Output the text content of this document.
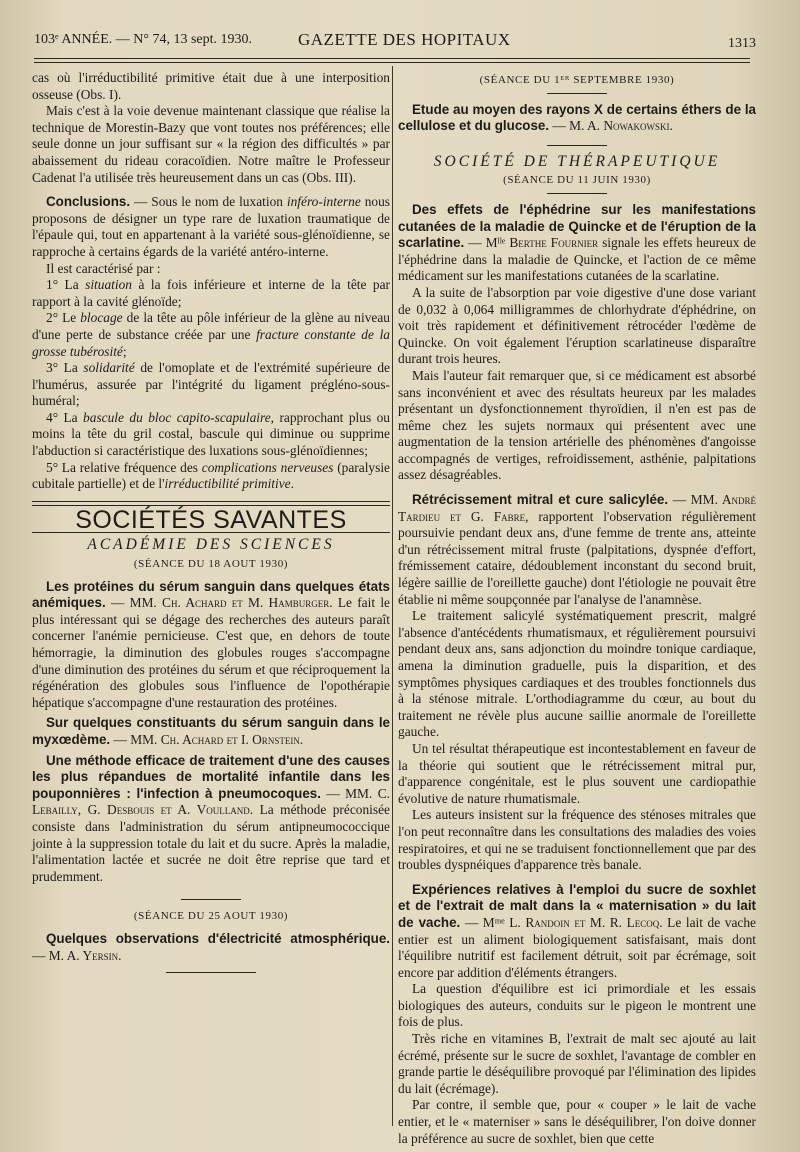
103ᵉ ANNÉE. — N° 74, 13 sept. 1930.	GAZETTE DES HOPITAUX	1313

cas où l'irréductibilité primitive était due à une interposition osseuse (Obs. I).

Mais c'est à la voie devenue maintenant classique que réalise la technique de Morestin-Bazy que vont toutes nos préférences; elle seule donne un jour suffisant sur « la région des difficultés » par abaissement du rideau coracoïdien. Notre maître le Professeur Cadenat l'a utilisée très heureusement dans un cas (Obs. III).

Conclusions. — Sous le nom de luxation inféro-interne nous proposons de désigner un type rare de luxation traumatique de l'épaule qui, tout en appartenant à la variété sous-glénoïdienne, se rapproche à certains égards de la variété antéro-interne.

Il est caractérisé par :

1° La situation à la fois inférieure et interne de la tête par rapport à la cavité glénoïde;

2° Le blocage de la tête au pôle inférieur de la glène au niveau d'une perte de substance créée par une fracture constante de la grosse tubérosité;

3° La solidarité de l'omoplate et de l'extrémité supérieure de l'humérus, assurée par l'intégrité du ligament prégléno-sous-huméral;

4° La bascule du bloc capito-scapulaire, rapprochant plus ou moins la tête du gril costal, bascule qui diminue ou supprime l'abduction si caractéristique des luxations sous-glénoïdiennes;

5° La relative fréquence des complications nerveuses (paralysie cubitale partielle) et de l'irréductibilité primitive.

SOCIÉTÉS SAVANTES

ACADÉMIE DES SCIENCES

(SÉANCE DU 18 AOUT 1930)

Les protéines du sérum sanguin dans quelques états anémiques. — MM. Ch. Achard et M. Hamburger. Le fait le plus intéressant qui se dégage des recherches des auteurs paraît concerner l'anémie pernicieuse. C'est que, en dehors de toute hémorragie, la diminution des globules rouges s'accompagne d'une diminution des protéines du sérum et que réciproquement la régénération des globules sous l'influence de l'opothérapie hépatique s'accompagne d'une restauration des protéines.

Sur quelques constituants du sérum sanguin dans le myxœdème. — MM. Ch. Achard et I. Ornstein.

Une méthode efficace de traitement d'une des causes les plus répandues de mortalité infantile dans les pouponnières : l'infection à pneumocoques. — MM. C. Lebailly, G. Desbouis et A. Voulland. La méthode préconisée consiste dans l'administration du sérum antipneumococcique jointe à la suppression totale du lait et du sucre. Après la maladie, l'alimentation lactée et sucrée ne doit être reprise que tard et prudemment.

(SÉANCE DU 25 AOUT 1930)

Quelques observations d'électricité atmosphérique. — M. A. Yersin.

(SÉANCE DU 1ᴱᴿ SEPTEMBRE 1930)

Etude au moyen des rayons X de certains éthers de la cellulose et du glucose. — M. A. Nowakowski.

SOCIÉTÉ DE THÉRAPEUTIQUE

(SÉANCE DU 11 JUIN 1930)

Des effets de l'éphédrine sur les manifestations cutanées de la maladie de Quincke et de l'éruption de la scarlatine. — Mˡˡᵉ Berthe Fournier signale les effets heureux de l'éphédrine dans la maladie de Quincke, et l'action de ce même médicament sur les manifestations cutanées de la scarlatine.

A la suite de l'absorption par voie digestive d'une dose variant de 0,032 à 0,064 milligrammes de chlorhydrate d'éphédrine, on voit très rapidement et définitivement rétrocéder l'œdème de Quincke. On voit également l'éruption scarlatineuse disparaître durant trois heures.

Mais l'auteur fait remarquer que, si ce médicament est absorbé sans inconvénient et avec des résultats heureux par les malades présentant un dysfonctionnement thyroïdien, il n'en est pas de même chez les sujets normaux qui présentent avec une augmentation de la tension artérielle des phénomènes d'angoisse accompagnés de vertiges, refroidissement, asthénie, palpitations assez désagréables.

Rétrécissement mitral et cure salicylée. — MM. André Tardieu et G. Fabre, rapportent l'observation régulièrement poursuivie pendant deux ans, d'une femme de trente ans, atteinte d'un rétrécissement mitral fruste (palpitations, dyspnée d'effort, frémissement cataire, dédoublement inconstant du second bruit, légère saillie de l'oreillette gauche) dont l'étiologie ne pouvait être établie ni même soupçonnée par l'analyse de l'anamnèse.

Le traitement salicylé systématiquement prescrit, malgré l'absence d'antécédents rhumatismaux, et régulièrement poursuivi pendant deux ans, sans adjonction du moindre tonique cardiaque, amena la diminution graduelle, puis la disparition, et des symptômes physiques cardiaques et des troubles fonctionnels dus à la sténose mitrale. L'orthodiagramme du cœur, au bout du traitement ne révèle plus aucune saillie anormale de l'oreillette gauche.

Un tel résultat thérapeutique est incontestablement en faveur de la théorie qui soutient que le rétrécissement mitral pur, d'apparence congénitale, est le plus souvent une cardiopathie évolutive de nature rhumatismale.

Les auteurs insistent sur la fréquence des sténoses mitrales que l'on peut reconnaître dans les consultations des maladies des voies respiratoires, et qui ne se traduisent fonctionnellement que par des troubles dyspnéiques d'apparence très banale.

Expériences relatives à l'emploi du sucre de soxhlet et de l'extrait de malt dans la « maternisation » du lait de vache. — Mᵐᵉ L. Randoin et M. R. Lecoq. Le lait de vache entier est un aliment biologiquement satisfaisant, mais dont l'équilibre nutritif est facilement détruit, soit par écrémage, soit encore par addition d'éléments étrangers.

La question d'équilibre est ici primordiale et les essais biologiques des auteurs, conduits sur le pigeon le montrent une fois de plus.

Très riche en vitamines B, l'extrait de malt sec ajouté au lait écrémé, présente sur le sucre de soxhlet, l'avantage de combler en grande partie le déséquilibre provoqué par l'élimination des lipides du lait (écrémage).

Par contre, il semble que, pour « couper » le lait de vache entier, et le « materniser » sans le déséquilibrer, l'on doive donner la préférence au sucre de soxhlet, bien que cette
